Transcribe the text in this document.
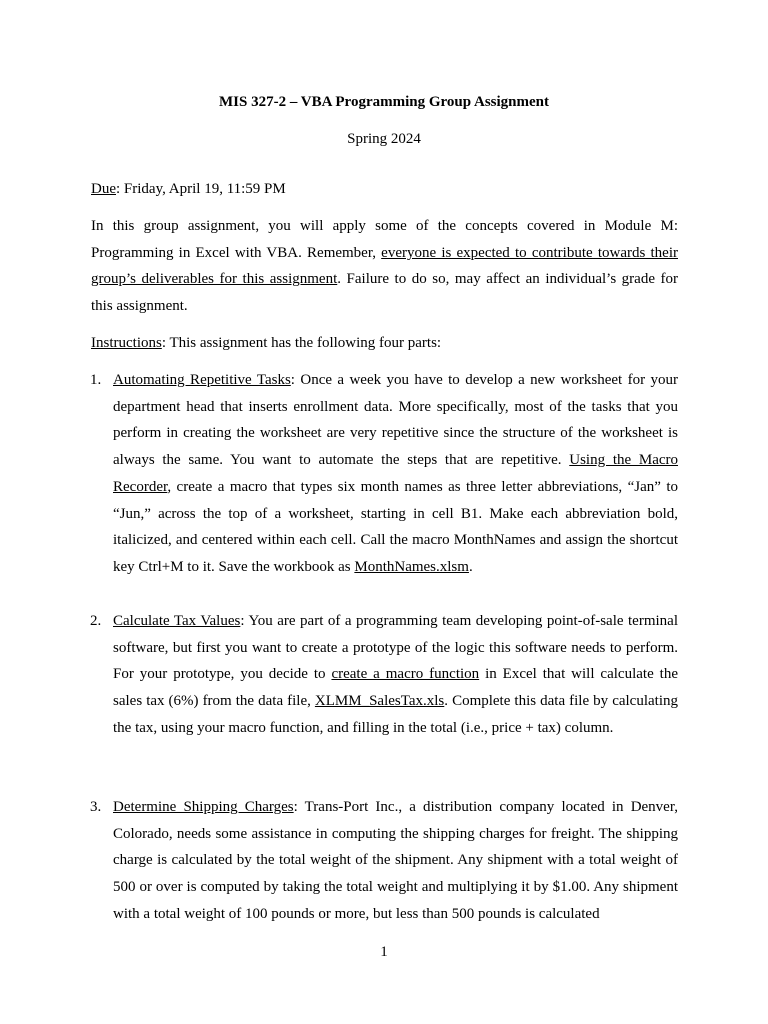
MIS 327-2 – VBA Programming Group Assignment

Spring 2024

Due: Friday, April 19, 11:59 PM

In this group assignment, you will apply some of the concepts covered in Module M: Programming in Excel with VBA. Remember, everyone is expected to contribute towards their group’s deliverables for this assignment. Failure to do so, may affect an individual’s grade for this assignment.

Instructions: This assignment has the following four parts:

1. Automating Repetitive Tasks: Once a week you have to develop a new worksheet for your department head that inserts enrollment data. More specifically, most of the tasks that you perform in creating the worksheet are very repetitive since the structure of the worksheet is always the same. You want to automate the steps that are repetitive. Using the Macro Recorder, create a macro that types six month names as three letter abbreviations, “Jan” to “Jun,” across the top of a worksheet, starting in cell B1. Make each abbreviation bold, italicized, and centered within each cell. Call the macro MonthNames and assign the shortcut key Ctrl+M to it. Save the workbook as MonthNames.xlsm.
2. Calculate Tax Values: You are part of a programming team developing point-of-sale terminal software, but first you want to create a prototype of the logic this software needs to perform. For your prototype, you decide to create a macro function in Excel that will calculate the sales tax (6%) from the data file, XLMM_SalesTax.xls. Complete this data file by calculating the tax, using your macro function, and filling in the total (i.e., price + tax) column.
3. Determine Shipping Charges: Trans-Port Inc., a distribution company located in Denver, Colorado, needs some assistance in computing the shipping charges for freight. The shipping charge is calculated by the total weight of the shipment. Any shipment with a total weight of 500 or over is computed by taking the total weight and multiplying it by $1.00. Any shipment with a total weight of 100 pounds or more, but less than 500 pounds is calculated

1
